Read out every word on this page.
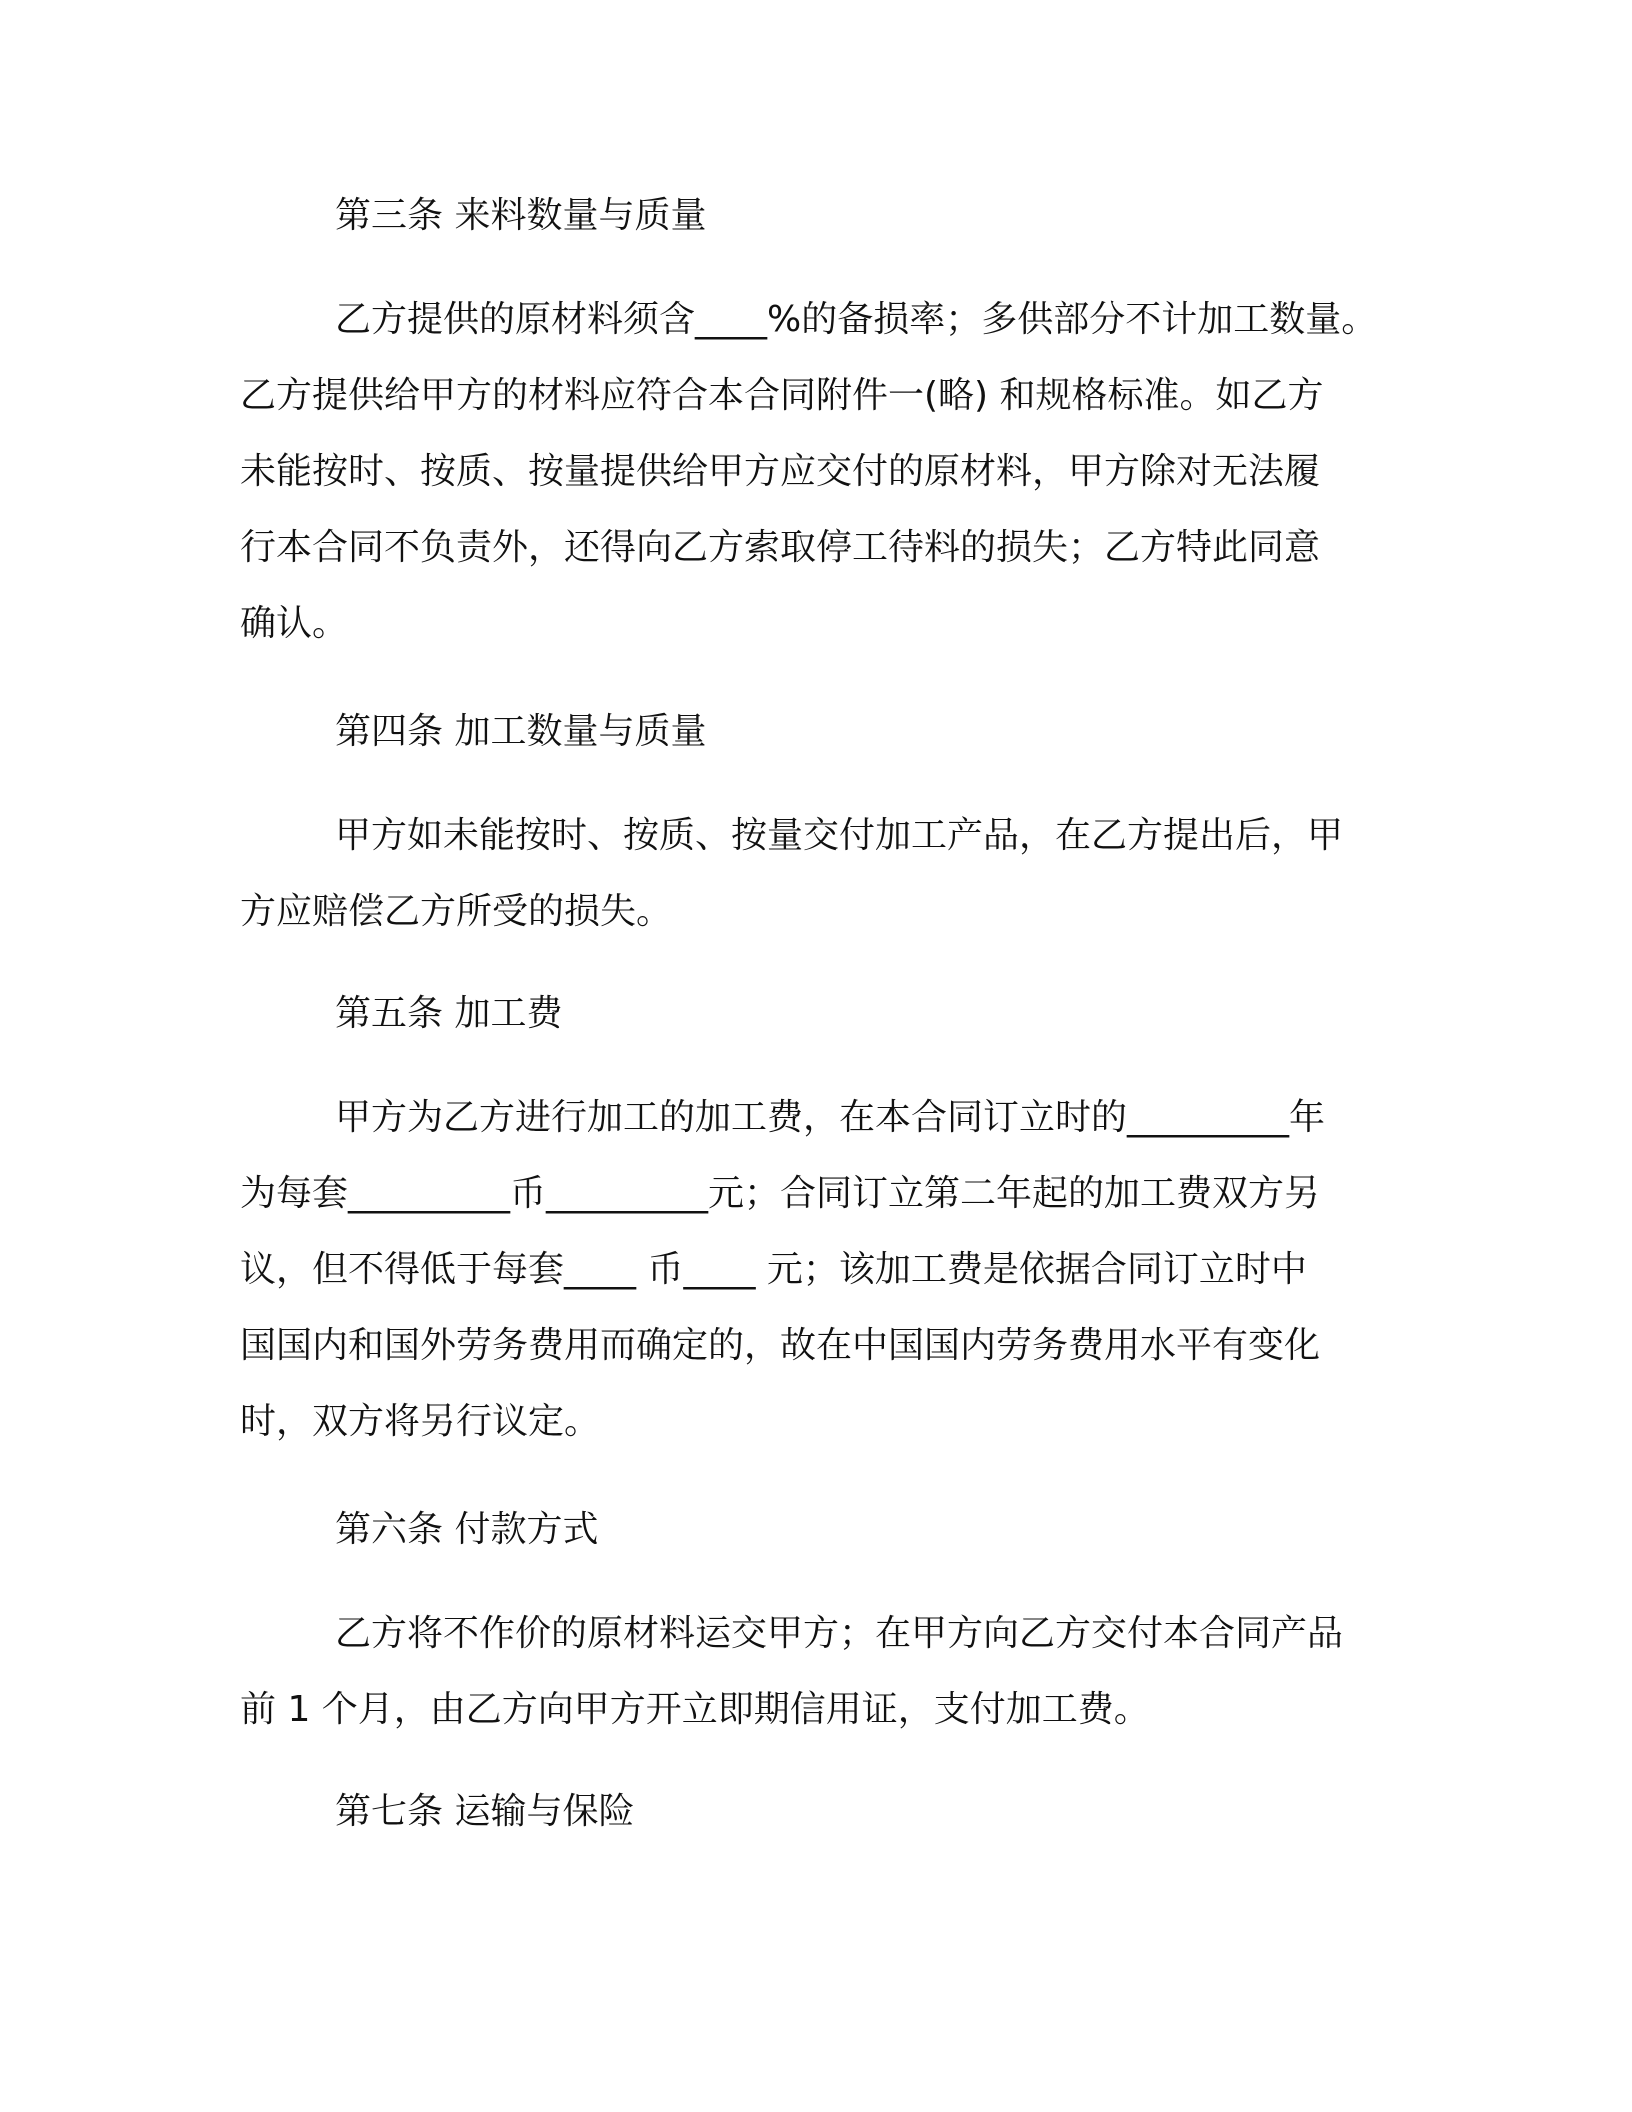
第三条 来料数量与质量
乙方提供的原材料须含____%的备损率；多供部分不计加工数量。
乙方提供给甲方的材料应符合本合同附件一(略) 和规格标准。如乙方
未能按时、按质、按量提供给甲方应交付的原材料，甲方除对无法履
行本合同不负责外，还得向乙方索取停工待料的损失；乙方特此同意
确认。
第四条 加工数量与质量
甲方如未能按时、按质、按量交付加工产品，在乙方提出后，甲
方应赔偿乙方所受的损失。
第五条 加工费
甲方为乙方进行加工的加工费，在本合同订立时的_________年
为每套_________币_________元；合同订立第二年起的加工费双方另
议，但不得低于每套____ 币____ 元；该加工费是依据合同订立时中
国国内和国外劳务费用而确定的，故在中国国内劳务费用水平有变化
时，双方将另行议定。
第六条 付款方式
乙方将不作价的原材料运交甲方；在甲方向乙方交付本合同产品
前 1 个月，由乙方向甲方开立即期信用证，支付加工费。
第七条 运输与保险
